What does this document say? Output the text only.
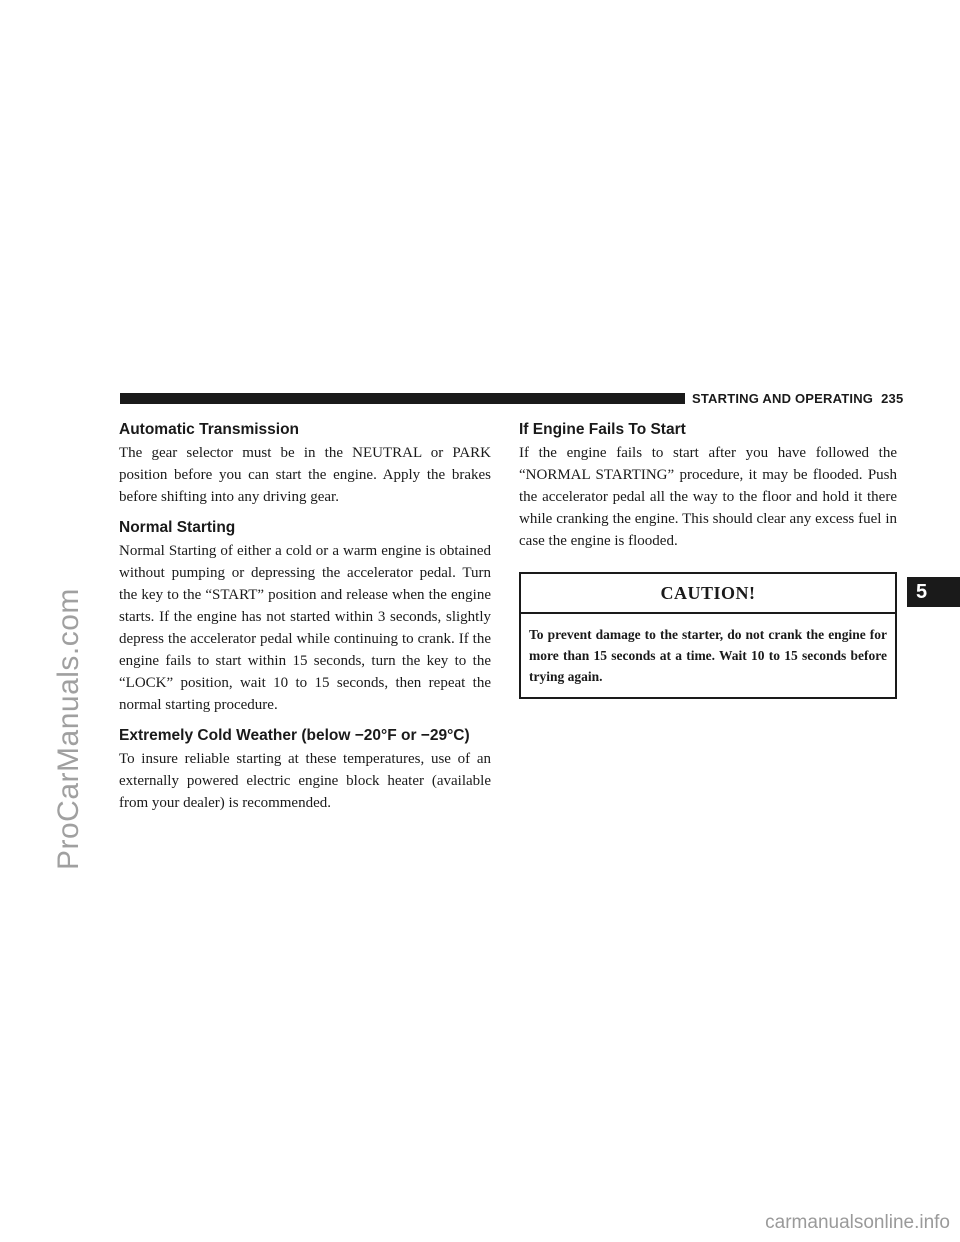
STARTING AND OPERATING 235
Automatic Transmission

The gear selector must be in the NEUTRAL or PARK position before you can start the engine. Apply the brakes before shifting into any driving gear.

Normal Starting

Normal Starting of either a cold or a warm engine is obtained without pumping or depressing the accelerator pedal. Turn the key to the “START” position and release when the engine starts. If the engine has not started within 3 seconds, slightly depress the accelerator pedal while continuing to crank. If the engine fails to start within 15 seconds, turn the key to the “LOCK” position, wait 10 to 15 seconds, then repeat the normal starting procedure.

Extremely Cold Weather (below −20°F or −29°C)

To insure reliable starting at these temperatures, use of an externally powered electric engine block heater (available from your dealer) is recommended.

If Engine Fails To Start

If the engine fails to start after you have followed the “NORMAL STARTING” procedure, it may be flooded. Push the accelerator pedal all the way to the floor and hold it there while cranking the engine. This should clear any excess fuel in case the engine is flooded.

CAUTION!
To prevent damage to the starter, do not crank the engine for more than 15 seconds at a time. Wait 10 to 15 seconds before trying again.
5
ProCarManuals.com
carmanualsonline.info
